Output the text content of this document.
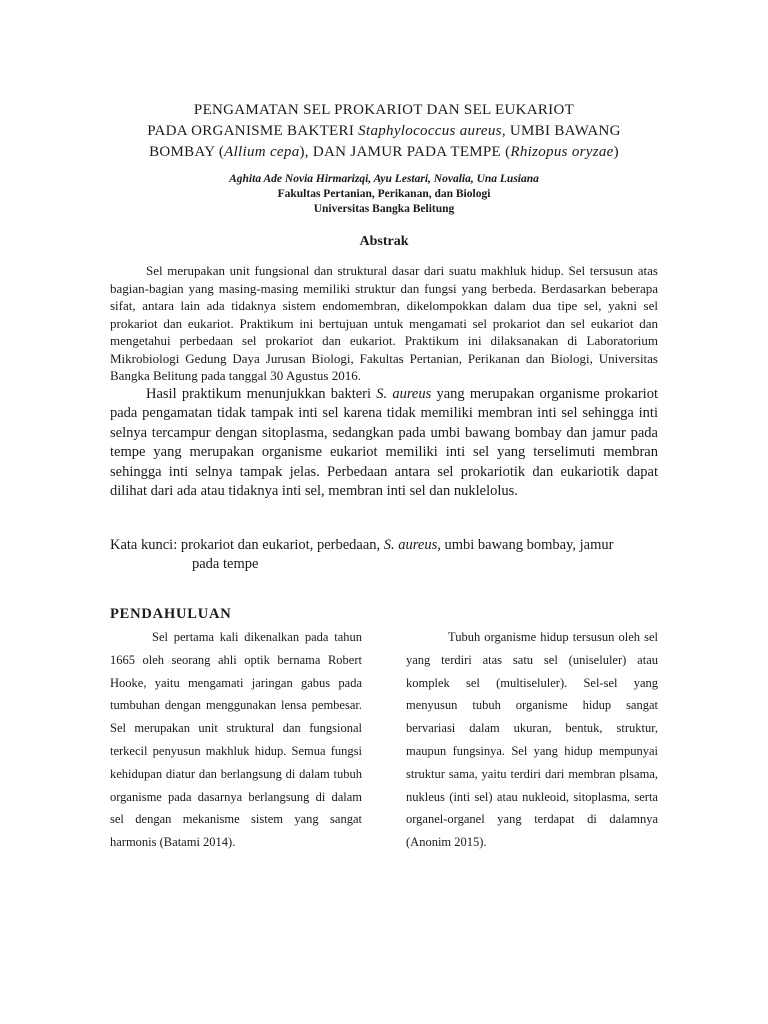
PENGAMATAN SEL PROKARIOT DAN SEL EUKARIOT
PADA ORGANISME BAKTERI Staphylococcus aureus, UMBI BAWANG
BOMBAY (Allium cepa), DAN JAMUR PADA TEMPE (Rhizopus oryzae)
Aghita Ade Novia Hirmarizqi, Ayu Lestari, Novalia, Una Lusiana
Fakultas Pertanian, Perikanan, dan Biologi
Universitas Bangka Belitung
Abstrak

Sel merupakan unit fungsional dan struktural dasar dari suatu makhluk hidup. Sel tersusun atas bagian-bagian yang masing-masing memiliki struktur dan fungsi yang berbeda. Berdasarkan beberapa sifat, antara lain ada tidaknya sistem endomembran, dikelompokkan dalam dua tipe sel, yakni sel prokariot dan eukariot. Praktikum ini bertujuan untuk mengamati sel prokariot dan sel eukariot dan mengetahui perbedaan sel prokariot dan eukariot. Praktikum ini dilaksanakan di Laboratorium Mikrobiologi Gedung Daya Jurusan Biologi, Fakultas Pertanian, Perikanan dan Biologi, Universitas Bangka Belitung pada tanggal 30 Agustus 2016.

Hasil praktikum menunjukkan bakteri S. aureus yang merupakan organisme prokariot pada pengamatan tidak tampak inti sel karena tidak memiliki membran inti sel sehingga inti selnya tercampur dengan sitoplasma, sedangkan pada umbi bawang bombay dan jamur pada tempe yang merupakan organisme eukariot memiliki inti sel yang terselimuti membran sehingga inti selnya tampak jelas. Perbedaan antara sel prokariotik dan eukariotik dapat dilihat dari ada atau tidaknya inti sel, membran inti sel dan nuklelolus.

Kata kunci: prokariot dan eukariot, perbedaan, S. aureus, umbi bawang bombay, jamur
pada tempe
PENDAHULUAN

Sel pertama kali dikenalkan pada tahun 1665 oleh seorang ahli optik bernama Robert Hooke, yaitu mengamati jaringan gabus pada tumbuhan dengan menggunakan lensa pembesar. Sel merupakan unit struktural dan fungsional terkecil penyusun makhluk hidup. Semua fungsi kehidupan diatur dan berlangsung di dalam tubuh organisme pada dasarnya berlangsung di dalam sel dengan mekanisme sistem yang sangat harmonis (Batami 2014).

Tubuh organisme hidup tersusun oleh sel yang terdiri atas satu sel (uniseluler) atau komplek sel (multiseluler). Sel-sel yang menyusun tubuh organisme hidup sangat bervariasi dalam ukuran, bentuk, struktur, maupun fungsinya. Sel yang hidup mempunyai struktur sama, yaitu terdiri dari membran plsama, nukleus (inti sel) atau nukleoid, sitoplasma, serta organel-organel yang terdapat di dalamnya (Anonim 2015).
